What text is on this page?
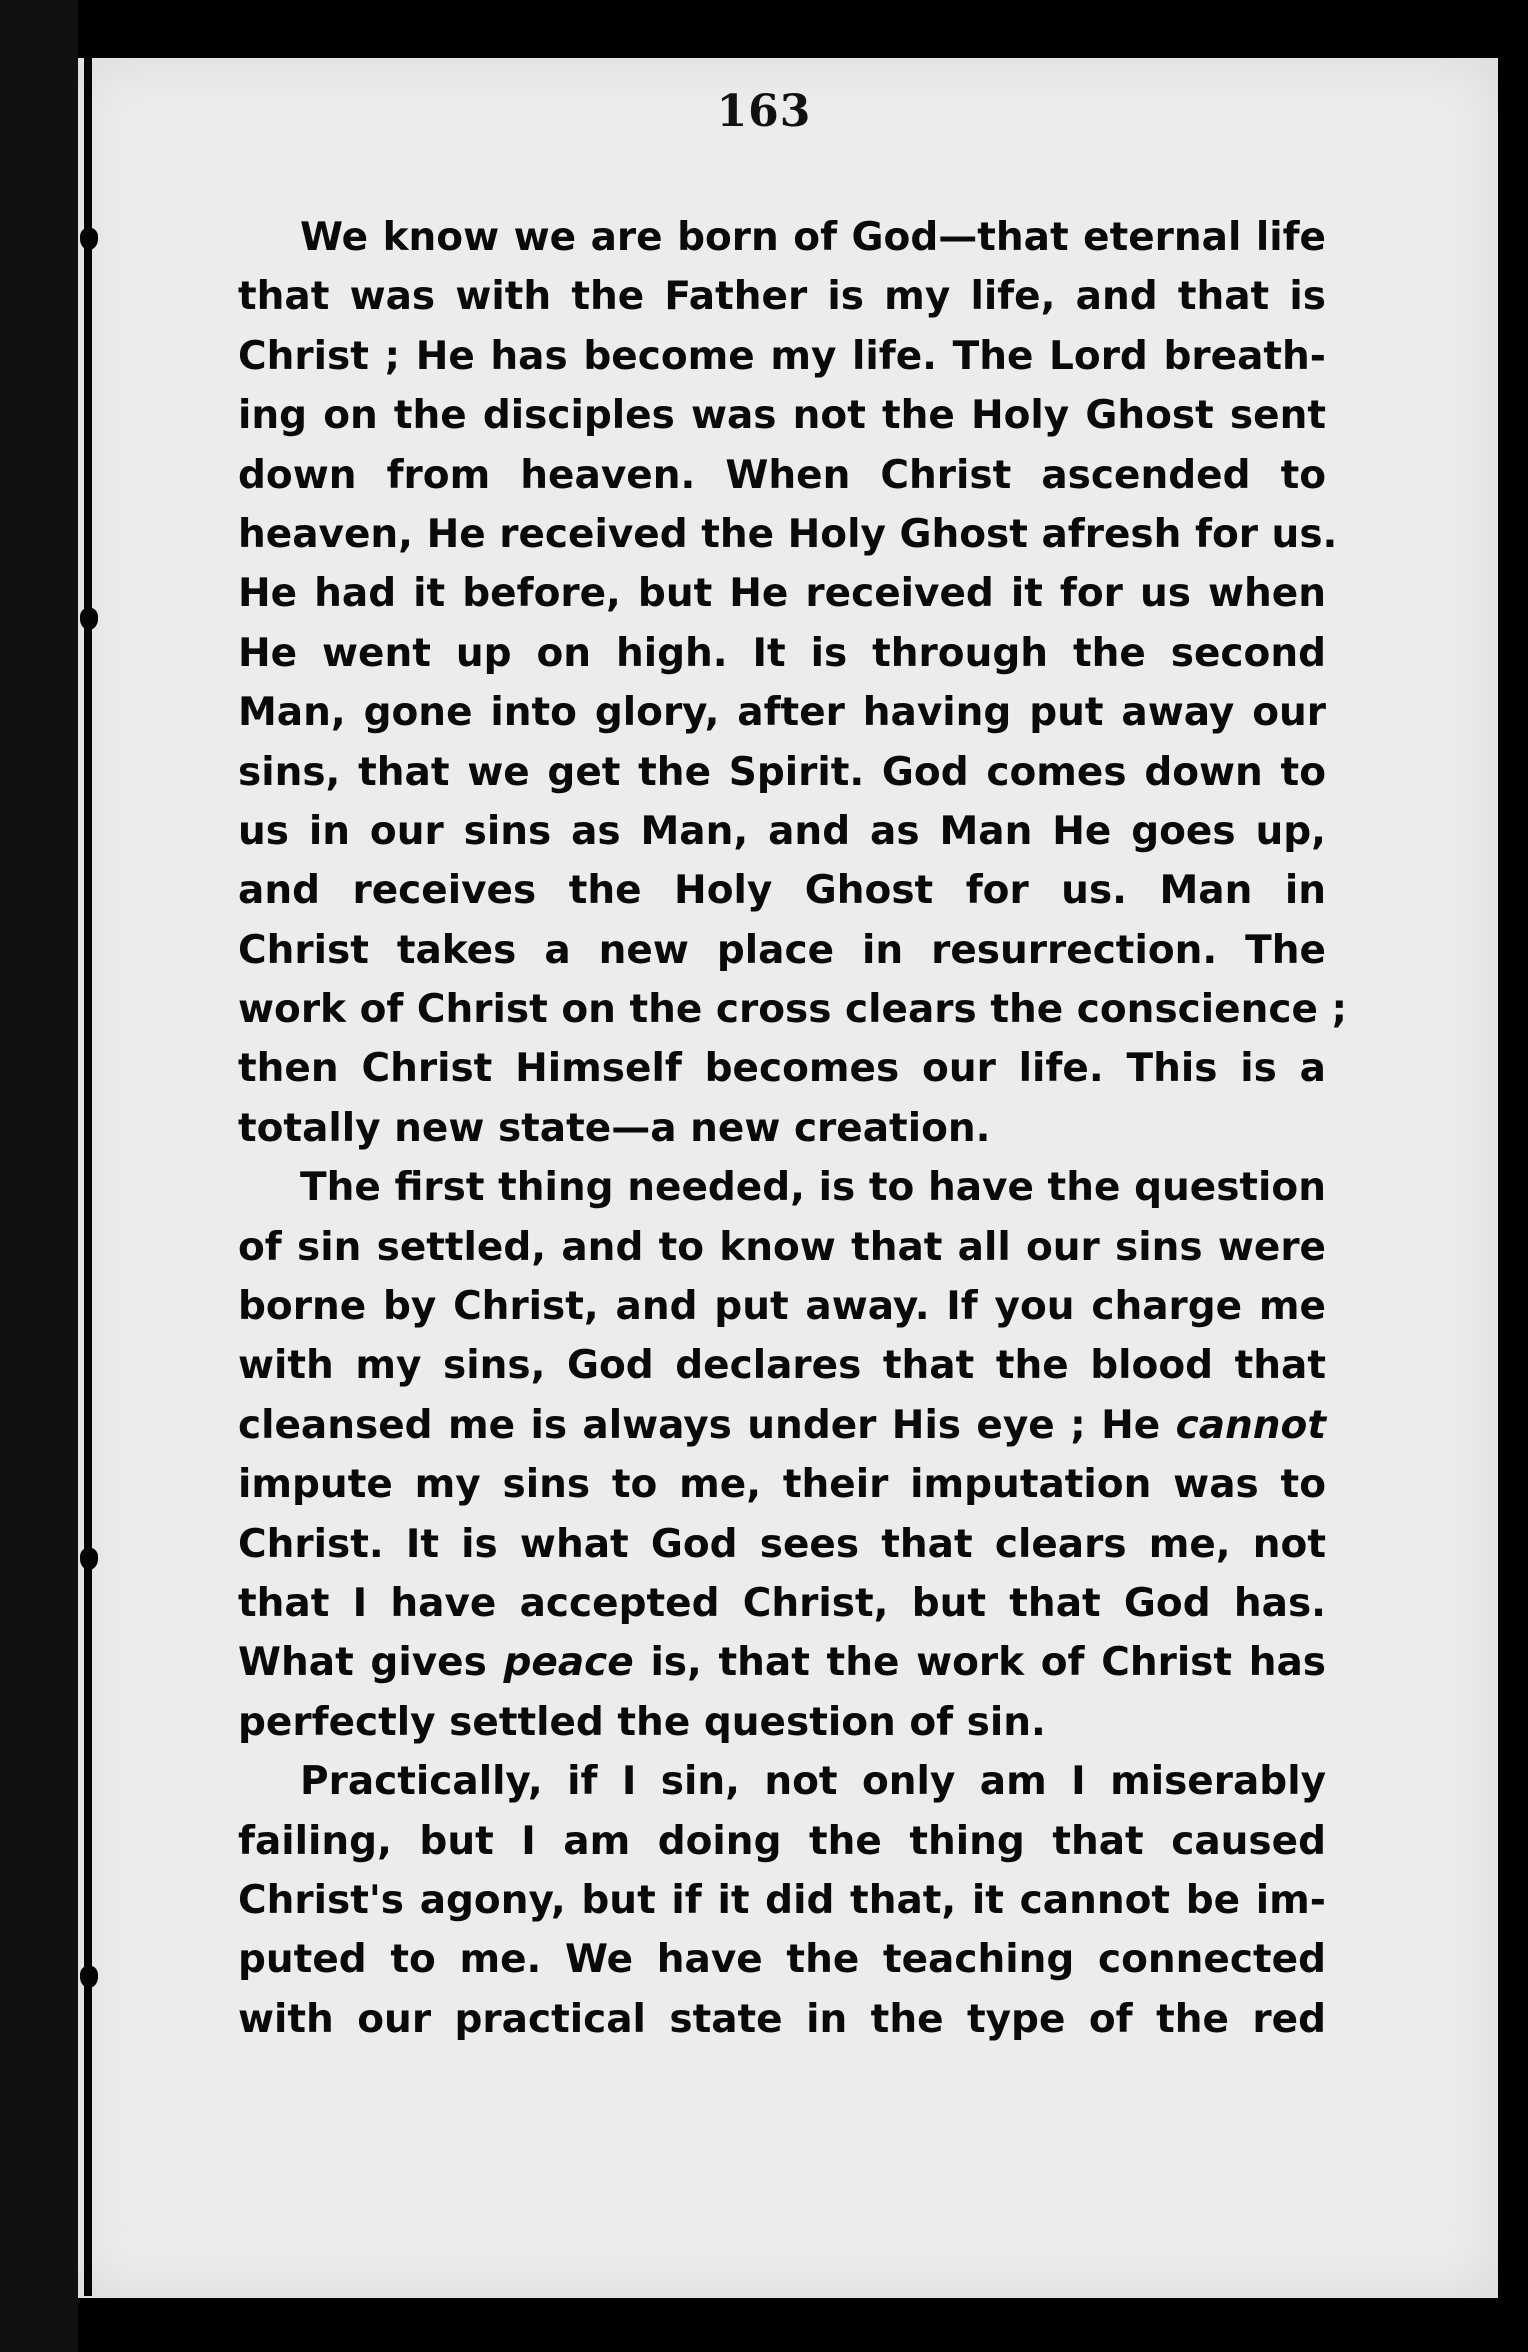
163
We know we are born of God—that eternal life
that was with the Father is my life, and that is
Christ ; He has become my life. The Lord breath-
ing on the disciples was not the Holy Ghost sent
down from heaven. When Christ ascended to
heaven, He received the Holy Ghost afresh for us.
He had it before, but He received it for us when
He went up on high. It is through the second
Man, gone into glory, after having put away our
sins, that we get the Spirit. God comes down to
us in our sins as Man, and as Man He goes up,
and receives the Holy Ghost for us. Man in
Christ takes a new place in resurrection. The
work of Christ on the cross clears the conscience ;
then Christ Himself becomes our life. This is a
totally new state—a new creation.
The first thing needed, is to have the question
of sin settled, and to know that all our sins were
borne by Christ, and put away. If you charge me
with my sins, God declares that the blood that
cleansed me is always under His eye ; He cannot
impute my sins to me, their imputation was to
Christ. It is what God sees that clears me, not
that I have accepted Christ, but that God has.
What gives peace is, that the work of Christ has
perfectly settled the question of sin.
Practically, if I sin, not only am I miserably
failing, but I am doing the thing that caused
Christ's agony, but if it did that, it cannot be im-
puted to me. We have the teaching connected
with our practical state in the type of the red
